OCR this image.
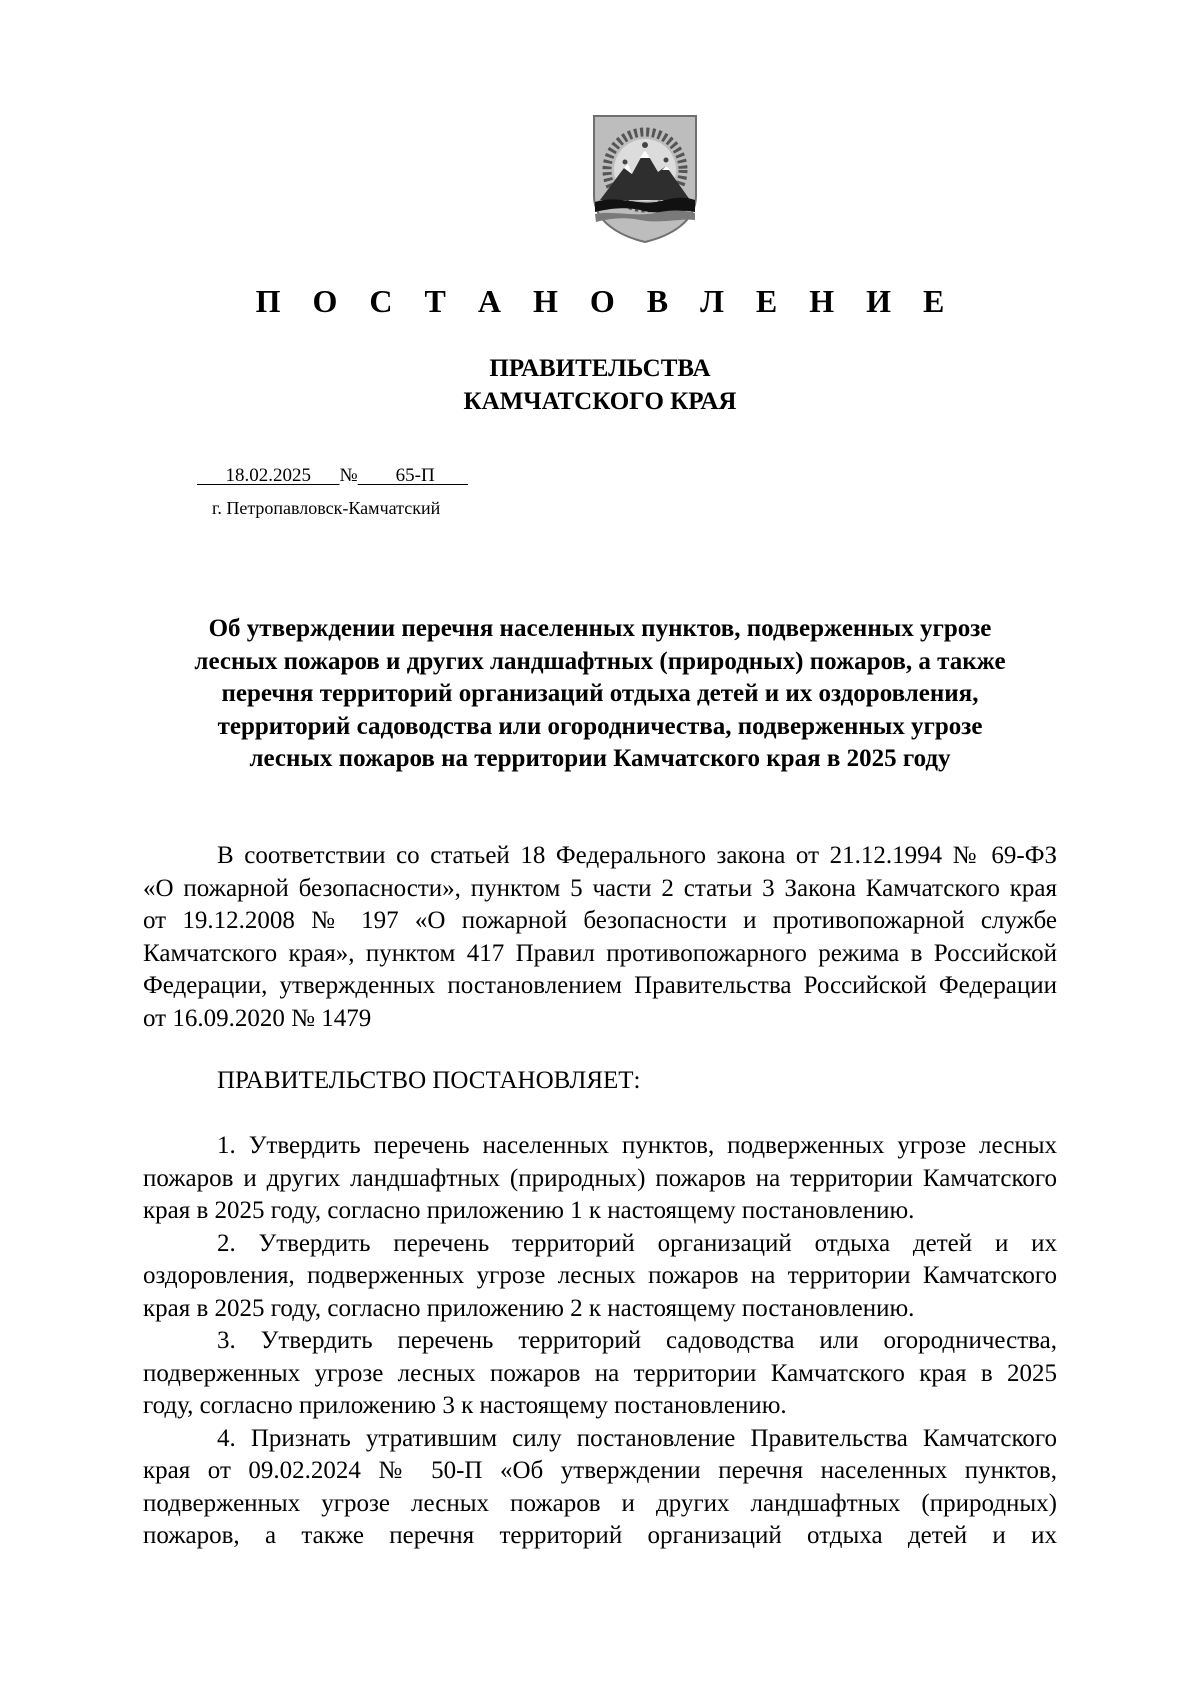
П О С Т А Н О В Л Е Н И Е
ПРАВИТЕЛЬСТВА
КАМЧАТСКОГО КРАЯ
18.02.2025 № 65-П
г. Петропавловск-Камчатский
Об утверждении перечня населенных пунктов, подверженных угрозе
лесных пожаров и других ландшафтных (природных) пожаров, а также
перечня территорий организаций отдыха детей и их оздоровления,
территорий садоводства или огородничества, подверженных угрозе
лесных пожаров на территории Камчатского края в 2025 году
В соответствии со статьей 18 Федерального закона от 21.12.1994 № 69-ФЗ
«О пожарной безопасности», пунктом 5 части 2 статьи 3 Закона Камчатского края
от 19.12.2008 № 197 «О пожарной безопасности и противопожарной службе
Камчатского края», пунктом 417 Правил противопожарного режима в Российской
Федерации, утвержденных постановлением Правительства Российской Федерации
от 16.09.2020 № 1479
ПРАВИТЕЛЬСТВО ПОСТАНОВЛЯЕТ:
1. Утвердить перечень населенных пунктов, подверженных угрозе лесных
пожаров и других ландшафтных (природных) пожаров на территории Камчатского
края в 2025 году, согласно приложению 1 к настоящему постановлению.
2. Утвердить перечень территорий организаций отдыха детей и их
оздоровления, подверженных угрозе лесных пожаров на территории Камчатского
края в 2025 году, согласно приложению 2 к настоящему постановлению.
3. Утвердить перечень территорий садоводства или огородничества,
подверженных угрозе лесных пожаров на территории Камчатского края в 2025
году, согласно приложению 3 к настоящему постановлению.
4. Признать утратившим силу постановление Правительства Камчатского
края от 09.02.2024 № 50-П «Об утверждении перечня населенных пунктов,
подверженных угрозе лесных пожаров и других ландшафтных (природных)
пожаров, а также перечня территорий организаций отдыха детей и их
